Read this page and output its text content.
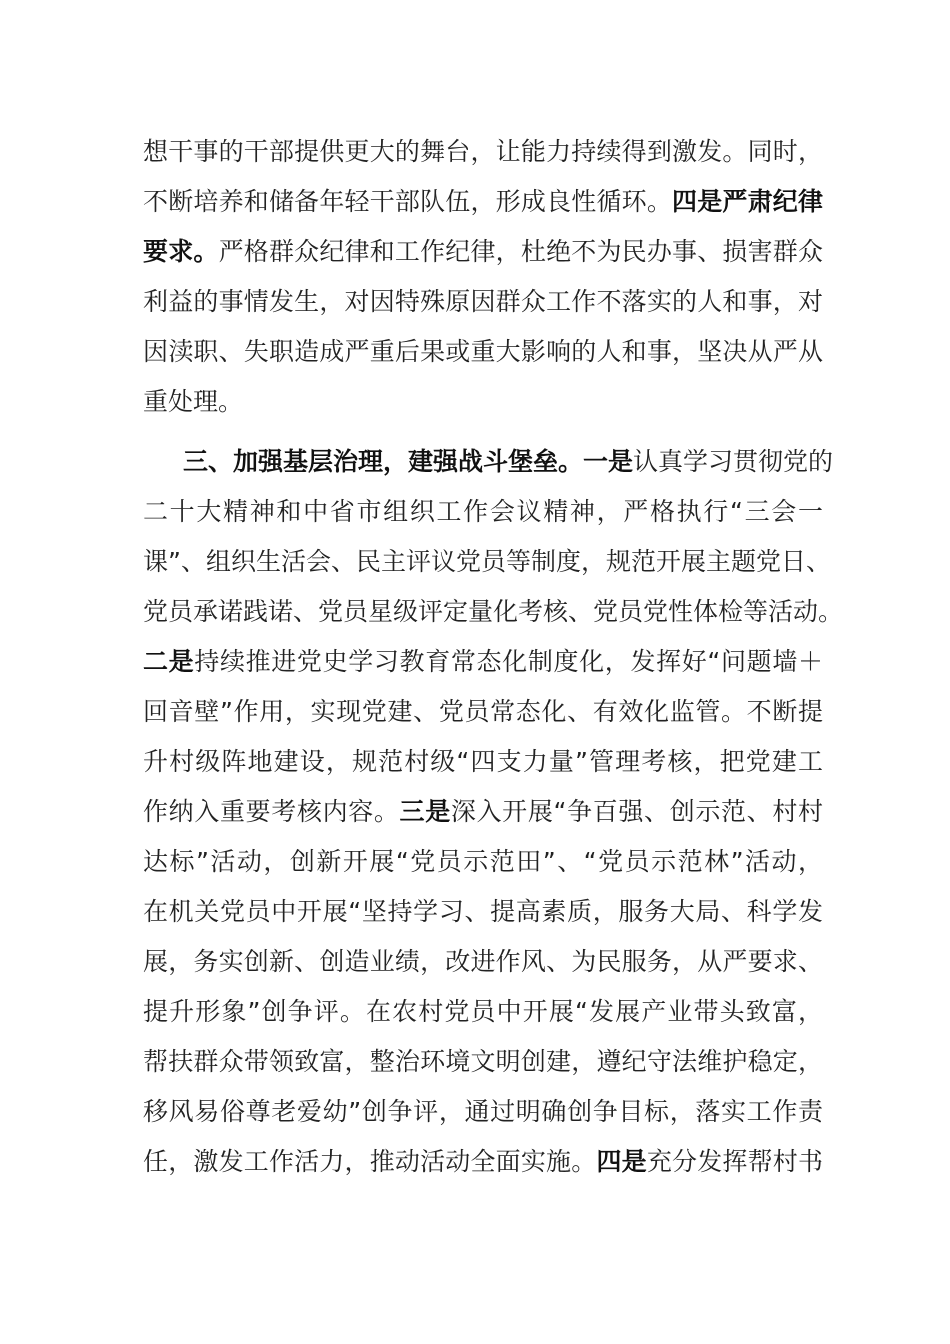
想干事的干部提供更大的舞台，让能力持续得到激发。同时，
不断培养和储备年轻干部队伍，形成良性循环。四是严肃纪律
要求。严格群众纪律和工作纪律，杜绝不为民办事、损害群众
利益的事情发生，对因特殊原因群众工作不落实的人和事，对
因渎职、失职造成严重后果或重大影响的人和事，坚决从严从
重处理。
三、加强基层治理，建强战斗堡垒。一是认真学习贯彻党的
二十大精神和中省市组织工作会议精神，严格执行“三会一
课”、组织生活会、民主评议党员等制度，规范开展主题党日、
党员承诺践诺、党员星级评定量化考核、党员党性体检等活动。
二是持续推进党史学习教育常态化制度化，发挥好“问题墙＋
回音壁”作用，实现党建、党员常态化、有效化监管。不断提
升村级阵地建设，规范村级“四支力量”管理考核，把党建工
作纳入重要考核内容。三是深入开展“争百强、创示范、村村
达标”活动，创新开展“党员示范田”、“党员示范林”活动，
在机关党员中开展“坚持学习、提高素质，服务大局、科学发
展，务实创新、创造业绩，改进作风、为民服务，从严要求、
提升形象”创争评。在农村党员中开展“发展产业带头致富，
帮扶群众带领致富，整治环境文明创建，遵纪守法维护稳定，
移风易俗尊老爱幼”创争评，通过明确创争目标，落实工作责
任，激发工作活力，推动活动全面实施。四是充分发挥帮村书
